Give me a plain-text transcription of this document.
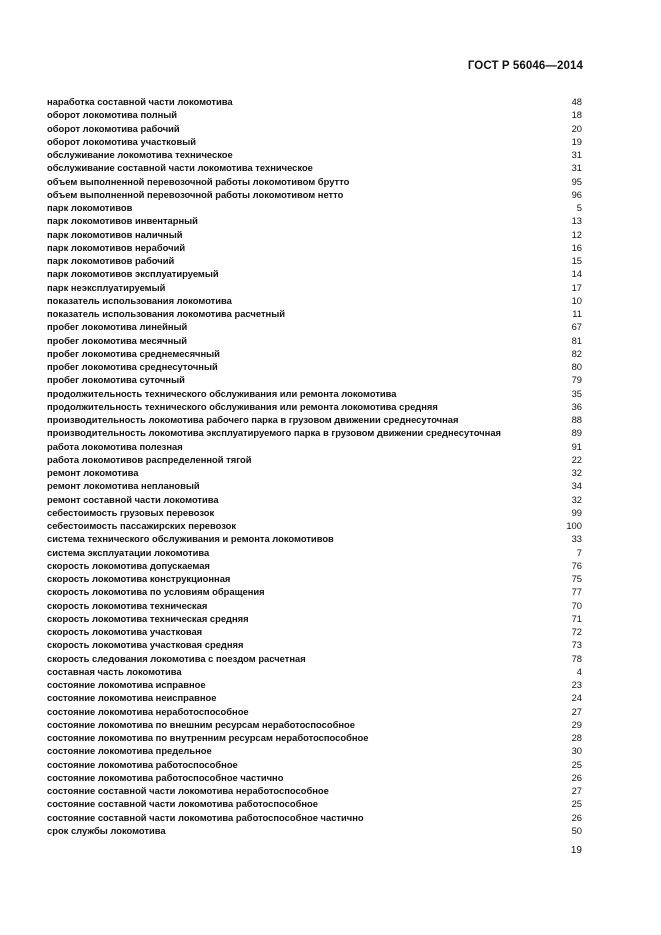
ГОСТ Р 56046—2014
наработка составной части локомотива	48
оборот локомотива полный	18
оборот локомотива рабочий	20
оборот локомотива участковый	19
обслуживание локомотива техническое	31
обслуживание составной части локомотива техническое	31
объем выполненной перевозочной работы локомотивом брутто	95
объем выполненной перевозочной работы локомотивом нетто	96
парк локомотивов	5
парк локомотивов инвентарный	13
парк локомотивов наличный	12
парк локомотивов нерабочий	16
парк локомотивов рабочий	15
парк локомотивов эксплуатируемый	14
парк неэксплуатируемый	17
показатель использования локомотива	10
показатель использования локомотива расчетный	11
пробег локомотива линейный	67
пробег локомотива месячный	81
пробег локомотива среднемесячный	82
пробег локомотива среднесуточный	80
пробег локомотива суточный	79
продолжительность технического обслуживания или ремонта локомотива	35
продолжительность технического обслуживания или ремонта локомотива средняя	36
производительность локомотива рабочего парка в грузовом движении среднесуточная	88
производительность локомотива эксплуатируемого парка в грузовом движении среднесуточная	89
работа локомотива полезная	91
работа локомотивов распределенной тягой	22
ремонт локомотива	32
ремонт локомотива неплановый	34
ремонт составной части локомотива	32
себестоимость грузовых перевозок	99
себестоимость пассажирских перевозок	100
система технического обслуживания и ремонта локомотивов	33
система эксплуатации локомотива	7
скорость локомотива допускаемая	76
скорость локомотива конструкционная	75
скорость локомотива по условиям обращения	77
скорость локомотива техническая	70
скорость локомотива техническая средняя	71
скорость локомотива участковая	72
скорость локомотива участковая средняя	73
скорость следования локомотива с поездом расчетная	78
составная часть локомотива	4
состояние локомотива исправное	23
состояние локомотива неисправное	24
состояние локомотива неработоспособное	27
состояние локомотива по внешним ресурсам неработоспособное	29
состояние локомотива по внутренним ресурсам неработоспособное	28
состояние локомотива предельное	30
состояние локомотива работоспособное	25
состояние локомотива работоспособное частично	26
состояние составной части локомотива неработоспособное	27
состояние составной части локомотива работоспособное	25
состояние составной части локомотива работоспособное частично	26
срок службы локомотива	50
19
